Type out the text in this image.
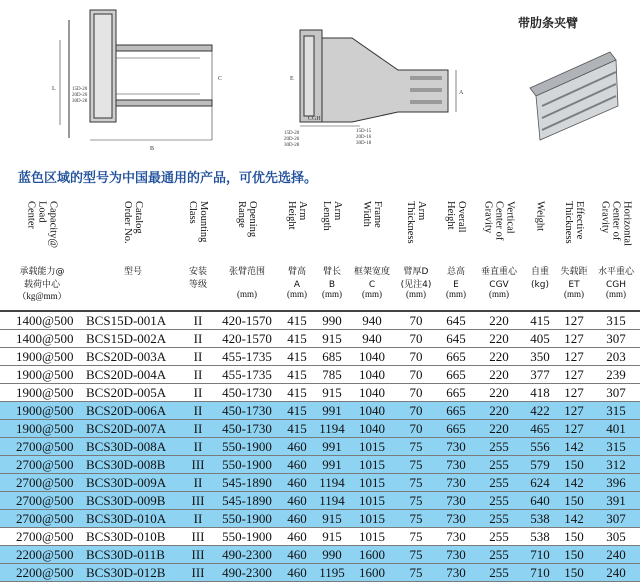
L
B
C
15D-20
20D-26
30D-28
CGH
A
E
15D-20
20D-26
30D-28
15D-15
20D-16
30D-18
带肋条夹臂
蓝色区域的型号为中国最通用的产品，可优先选择。
Capacity@
Load
Center
承载能力@
载荷中心
（kg@mm）
Catalog
Order No.
型号
Mounting
Class
安装
等级
Opening
Range
张臂范围
(mm)
Arm
Height
臂高
A
(mm)
Arm
Length
臂长
B
(mm)
Frame
Width
框架宽度
C
(mm)
Arm
Thickness
臂厚D
(见注4)
(mm)
Overall
Height
总高
E
(mm)
Vertical
Center of
Gravity
垂直重心
CGV
(mm)
Weight
自重
(kg)
Effective
Thickness
失载距
ET
(mm)
Horizontal
Center of
Gravity
水平重心
CGH
(mm)
1400@500	BCS15D-001A	II	420-1570	415	990	940	70	645	220	415	127	315
1400@500	BCS15D-002A	II	420-1570	415	915	940	70	645	220	405	127	307
1900@500	BCS20D-003A	II	455-1735	415	685	1040	70	665	220	350	127	203
1900@500	BCS20D-004A	II	455-1735	415	785	1040	70	665	220	377	127	239
1900@500	BCS20D-005A	II	450-1730	415	915	1040	70	665	220	418	127	307
1900@500	BCS20D-006A	II	450-1730	415	991	1040	70	665	220	422	127	315
1900@500	BCS20D-007A	II	450-1730	415	1194	1040	70	665	220	465	127	401
2700@500	BCS30D-008A	II	550-1900	460	991	1015	75	730	255	556	142	315
2700@500	BCS30D-008B	III	550-1900	460	991	1015	75	730	255	579	150	312
2700@500	BCS30D-009A	II	545-1890	460	1194	1015	75	730	255	624	142	396
2700@500	BCS30D-009B	III	545-1890	460	1194	1015	75	730	255	640	150	391
2700@500	BCS30D-010A	II	550-1900	460	915	1015	75	730	255	538	142	307
2700@500	BCS30D-010B	III	550-1900	460	915	1015	75	730	255	538	150	305
2200@500	BCS30D-011B	III	490-2300	460	990	1600	75	730	255	710	150	240
2200@500	BCS30D-012B	III	490-2300	460	1195	1600	75	730	255	710	150	240
